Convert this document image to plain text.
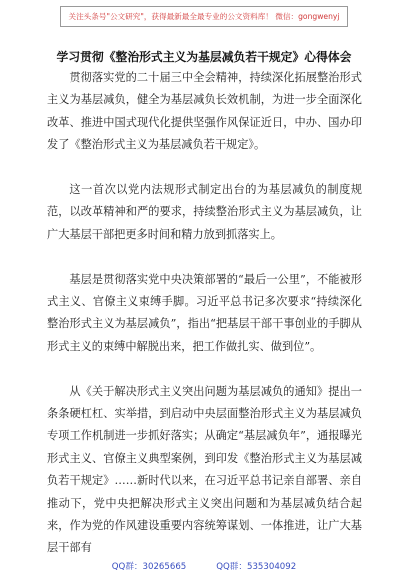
关注头条号"公文研究"，获得最新最全最专业的公文资料库！ 微信：gongwenyj
学习贯彻《整治形式主义为基层减负若干规定》心得体会

贯彻落实党的二十届三中全会精神，持续深化拓展整治形式主义为基层减负，健全为基层减负长效机制，为进一步全面深化改革、推进中国式现代化提供坚强作风保证近日，中办、国办印发了《整治形式主义为基层减负若干规定》。

这一首次以党内法规形式制定出台的为基层减负的制度规范，以改革精神和严的要求，持续整治形式主义为基层减负，让广大基层干部把更多时间和精力放到抓落实上。

基层是贯彻落实党中央决策部署的“最后一公里”，不能被形式主义、官僚主义束缚手脚。习近平总书记多次要求“持续深化整治形式主义为基层减负”，指出“把基层干部干事创业的手脚从形式主义的束缚中解脱出来，把工作做扎实、做到位”。

从《关于解决形式主义突出问题为基层减负的通知》提出一条条硬杠杠、实举措，到启动中央层面整治形式主义为基层减负专项工作机制进一步抓好落实；从确定“基层减负年”，通报曝光形式主义、官僚主义典型案例，到印发《整治形式主义为基层减负若干规定》……新时代以来，在习近平总书记亲自部署、亲自推动下，党中央把解决形式主义突出问题和为基层减负结合起来，作为党的作风建设重要内容统筹谋划、一体推进，让广大基层干部有

QQ群：30265665	QQ群：535304092
